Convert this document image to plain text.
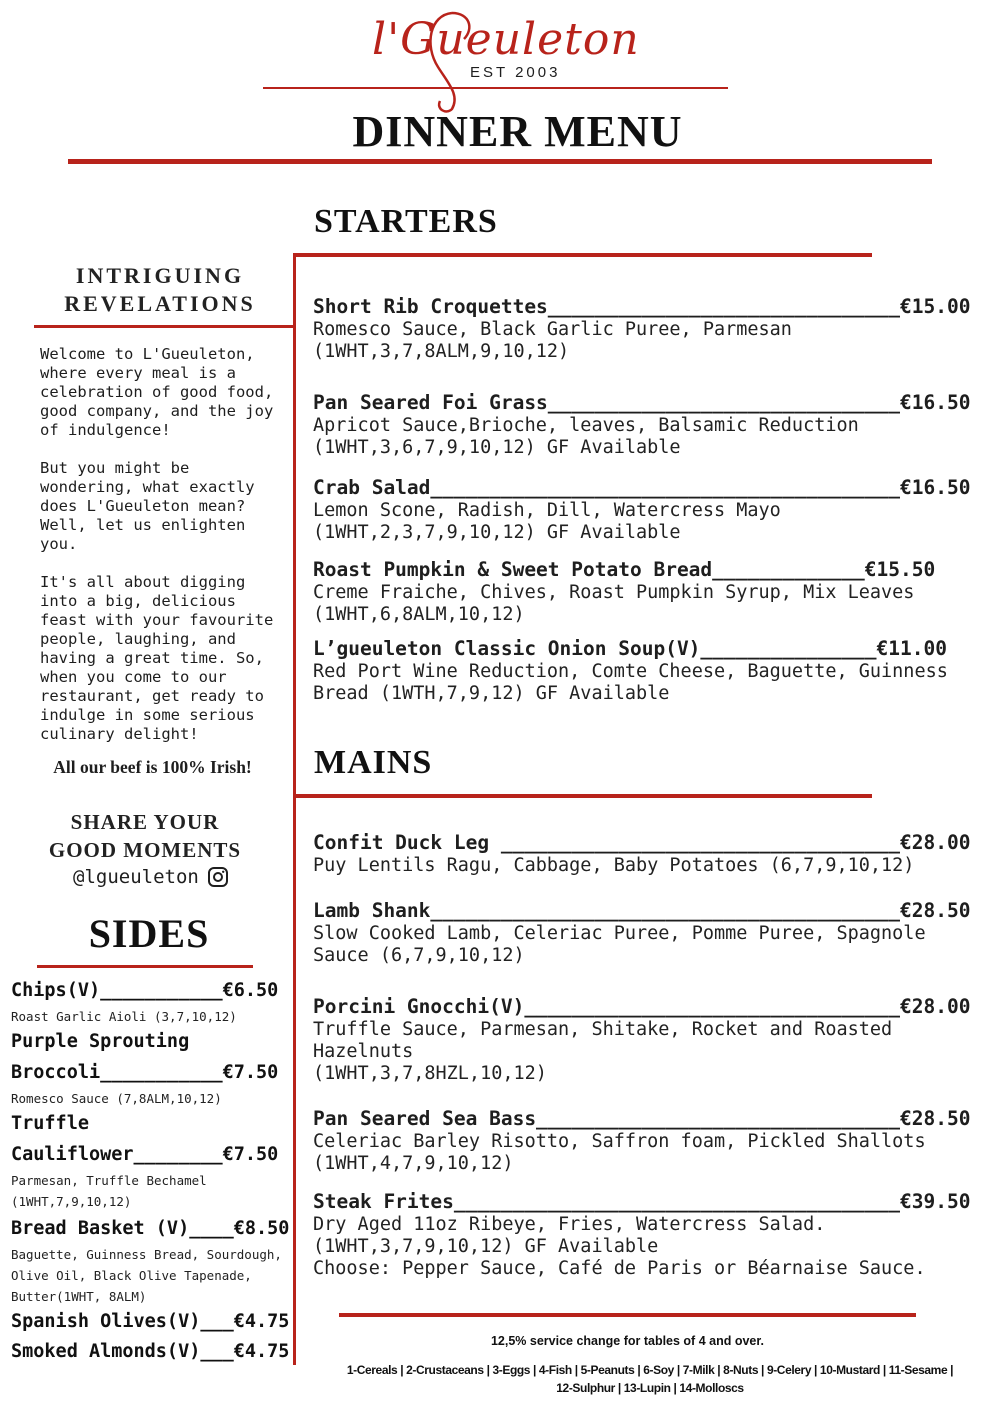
l'Gueuleton
EST 2003
DINNER MENU
INTRIGUING
REVELATIONS
Welcome to L'Gueuleton,
where every meal is a
celebration of good food,
good company, and the joy
of indulgence!

But you might be
wondering, what exactly
does L'Gueuleton mean?
Well, let us enlighten
you.

It's all about digging
into a big, delicious
feast with your favourite
people, laughing, and
having a great time. So,
when you come to our
restaurant, get ready to
indulge in some serious
culinary delight!
All our beef is 100% Irish!
SHARE YOUR
GOOD MOMENTS
@lgueuleton
SIDES
Chips(V)___________€6.50
Roast Garlic Aioli (3,7,10,12)
Purple Sprouting
Broccoli___________€7.50
Romesco Sauce (7,8ALM,10,12)
Truffle
Cauliflower________€7.50
Parmesan, Truffle Bechamel
(1WHT,7,9,10,12)
Bread Basket (V)____€8.50
Baguette, Guinness Bread, Sourdough,
Olive Oil, Black Olive Tapenade,
Butter(1WHT, 8ALM)
Spanish Olives(V)___€4.75
Smoked Almonds(V)___€4.75
STARTERS
Short Rib Croquettes______________________________€15.00
Romesco Sauce, Black Garlic Puree, Parmesan
(1WHT,3,7,8ALM,9,10,12)
Pan Seared Foi Grass______________________________€16.50
Apricot Sauce,Brioche, leaves, Balsamic Reduction
(1WHT,3,6,7,9,10,12) GF Available
Crab Salad________________________________________€16.50
Lemon Scone, Radish, Dill, Watercress Mayo
(1WHT,2,3,7,9,10,12) GF Available
Roast Pumpkin & Sweet Potato Bread_____________€15.50
Creme Fraiche, Chives, Roast Pumpkin Syrup, Mix Leaves
(1WHT,6,8ALM,10,12)
L’gueuleton Classic Onion Soup(V)_______________€11.00
Red Port Wine Reduction, Comte Cheese, Baguette, Guinness
Bread (1WTH,7,9,12) GF Available
MAINS
Confit Duck Leg __________________________________€28.00
Puy Lentils Ragu, Cabbage, Baby Potatoes (6,7,9,10,12)
Lamb Shank________________________________________€28.50
Slow Cooked Lamb, Celeriac Puree, Pomme Puree, Spagnole
Sauce (6,7,9,10,12)
Porcini Gnocchi(V)________________________________€28.00
Truffle Sauce, Parmesan, Shitake, Rocket and Roasted
Hazelnuts
(1WHT,3,7,8HZL,10,12)
Pan Seared Sea Bass_______________________________€28.50
Celeriac Barley Risotto, Saffron foam, Pickled Shallots
(1WHT,4,7,9,10,12)
Steak Frites______________________________________€39.50
Dry Aged 11oz Ribeye, Fries, Watercress Salad.
(1WHT,3,7,9,10,12) GF Available
Choose: Pepper Sauce, Café de Paris or Béarnaise Sauce.
12,5% service change for tables of 4 and over.
1-Cereals | 2-Crustaceans | 3-Eggs | 4-Fish | 5-Peanuts | 6-Soy | 7-Milk | 8-Nuts | 9-Celery | 10-Mustard | 11-Sesame |
12-Sulphur | 13-Lupin | 14-Molloscs
